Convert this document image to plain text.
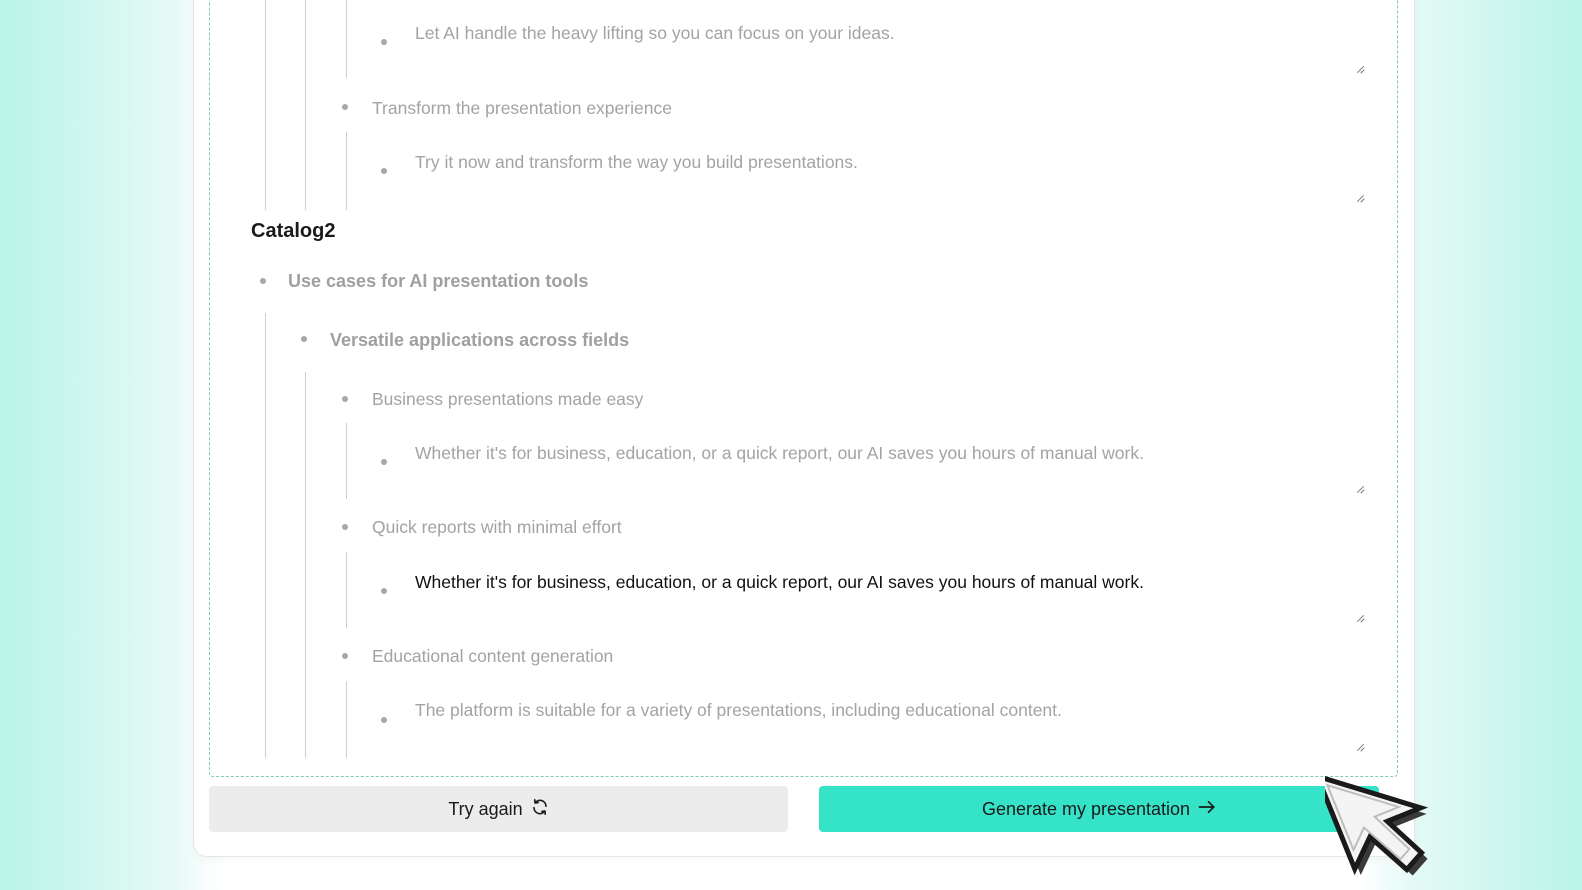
Let AI handle the heavy lifting so you can focus on your ideas.
Transform the presentation experience
Try it now and transform the way you build presentations.
Catalog2
Use cases for AI presentation tools
Versatile applications across fields
Business presentations made easy
Whether it's for business, education, or a quick report, our AI saves you hours of manual work.
Quick reports with minimal effort
Whether it's for business, education, or a quick report, our AI saves you hours of manual work.
Educational content generation
The platform is suitable for a variety of presentations, including educational content.
Try again	Generate my presentation
